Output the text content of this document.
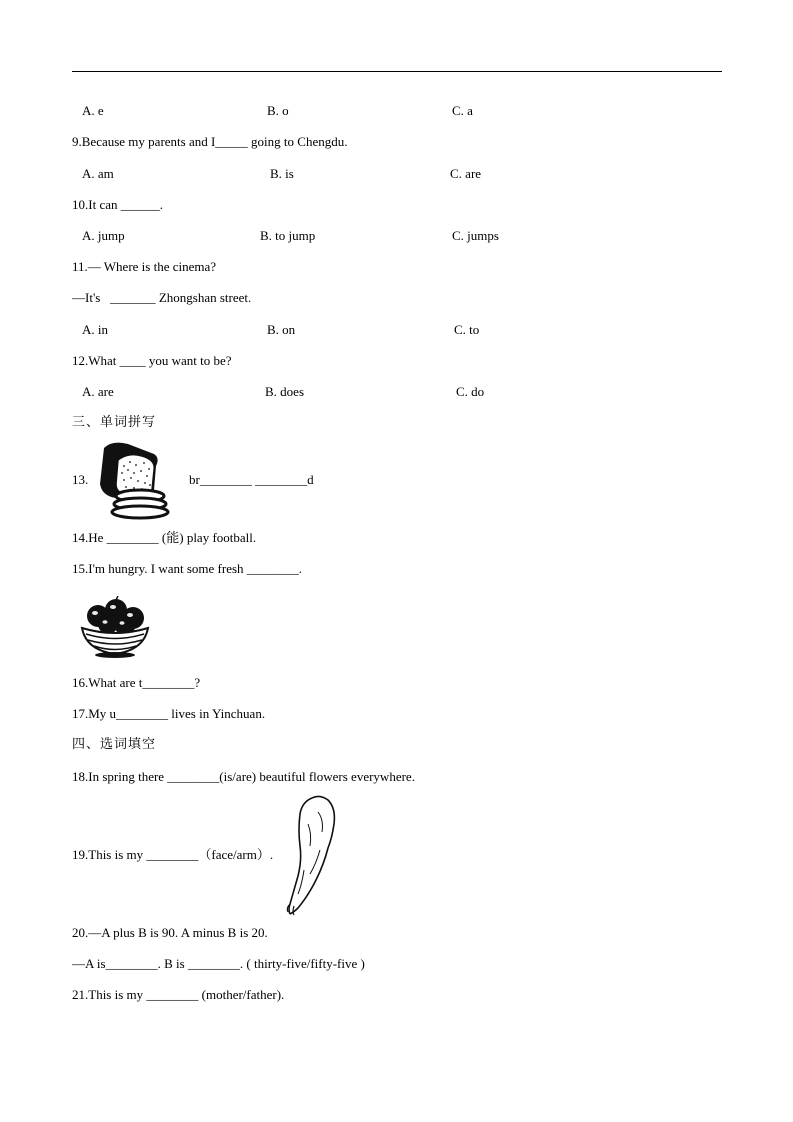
A. e	B. o	C. a
9.Because my parents and I_____ going to Chengdu.
A. am	B. is	C. are
10.It can ______.
A. jump	B. to jump	C. jumps
11.— Where is the cinema?
—It's   _______ Zhongshan street.
A. in	B. on	C. to
12.What ____ you want to be?
A. are	B. does	C. do
三、单词拼写
13.	br________ ________d
14.He ________ (能) play football.
15.I'm hungry. I want some fresh ________.
16.What are t________?
17.My u________ lives in Yinchuan.
四、选词填空
18.In spring there ________(is/are) beautiful flowers everywhere.
19.This is my ________（face/arm）.
20.—A plus B is 90. A minus B is 20.
—A is________. B is ________. ( thirty-five/fifty-five )
21.This is my ________ (mother/father).
